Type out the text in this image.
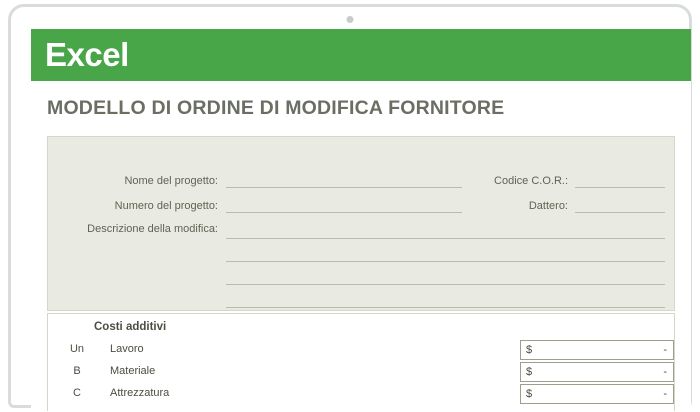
Excel
MODELLO DI ORDINE DI MODIFICA FORNITORE
Nome del progetto:	Codice C.O.R.:
Numero del progetto:	Dattero:
Descrizione della modifica:
Costi additivi
Un	Lavoro	$	-
B	Materiale	$	-
C	Attrezzatura	$	-
